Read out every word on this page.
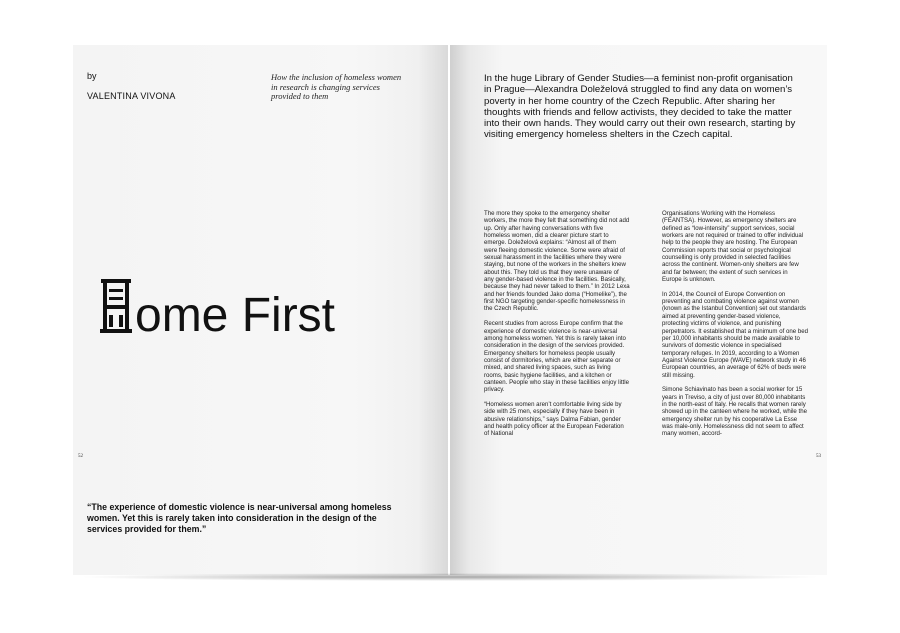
by
VALENTINA VIVONA
How the inclusion of homeless women in research is changing services provided to them
ome First
52
“The experience of domestic violence is near-universal among homeless women. Yet this is rarely taken into consideration in the design of the services provided for them.”
In the huge Library of Gender Studies—a feminist non-profit organisation in Prague—Alexandra Doleželová struggled to find any data on women’s poverty in her home country of the Czech Republic. After sharing her thoughts with friends and fellow activists, they decided to take the matter into their own hands. They would carry out their own research, starting by visiting emergency homeless shelters in the Czech capital.

The more they spoke to the emergency shelter workers, the more they felt that something did not add up. Only after having conversations with five homeless women, did a clearer picture start to emerge. Doleželová explains: “Almost all of them were fleeing domestic violence. Some were afraid of sexual harassment in the facilities where they were staying, but none of the workers in the shelters knew about this. They told us that they were unaware of any gender-based violence in the facilities. Basically, because they had never talked to them.” In 2012 Lexa and her friends founded Jako doma (“Homelike”), the first NGO targeting gender-specific homelessness in the Czech Republic.

Recent studies from across Europe confirm that the experience of domestic violence is near-universal among homeless women. Yet this is rarely taken into consideration in the design of the services provided. Emergency shelters for homeless people usually consist of dormitories, which are either separate or mixed, and shared living spaces, such as living rooms, basic hygiene facilities, and a kitchen or canteen. People who stay in these facilities enjoy little privacy.

“Homeless women aren’t comfortable living side by side with 25 men, especially if they have been in abusive relationships,” says Dalma Fabian, gender and health policy officer at the European Federation of National

Organisations Working with the Homeless (FEANTSA). However, as emergency shelters are defined as “low-intensity” support services, social workers are not required or trained to offer individual help to the people they are hosting. The European Commission reports that social or psychological counselling is only provided in selected facilities across the continent. Women-only shelters are few and far between; the extent of such services in Europe is unknown.

In 2014, the Council of Europe Convention on preventing and combating violence against women (known as the Istanbul Convention) set out standards aimed at preventing gender-based violence, protecting victims of violence, and punishing perpetrators. It established that a minimum of one bed per 10,000 inhabitants should be made available to survivors of domestic violence in specialised temporary refuges. In 2019, according to a Women Against Violence Europe (WAVE) network study in 46 European countries, an average of 62% of beds were still missing.

Simone Schiavinato has been a social worker for 15 years in Treviso, a city of just over 80,000 inhabitants in the north-east of Italy. He recalls that women rarely showed up in the canteen where he worked, while the emergency shelter run by his cooperative La Esse was male-only. Homelessness did not seem to affect many women, accord-

53
